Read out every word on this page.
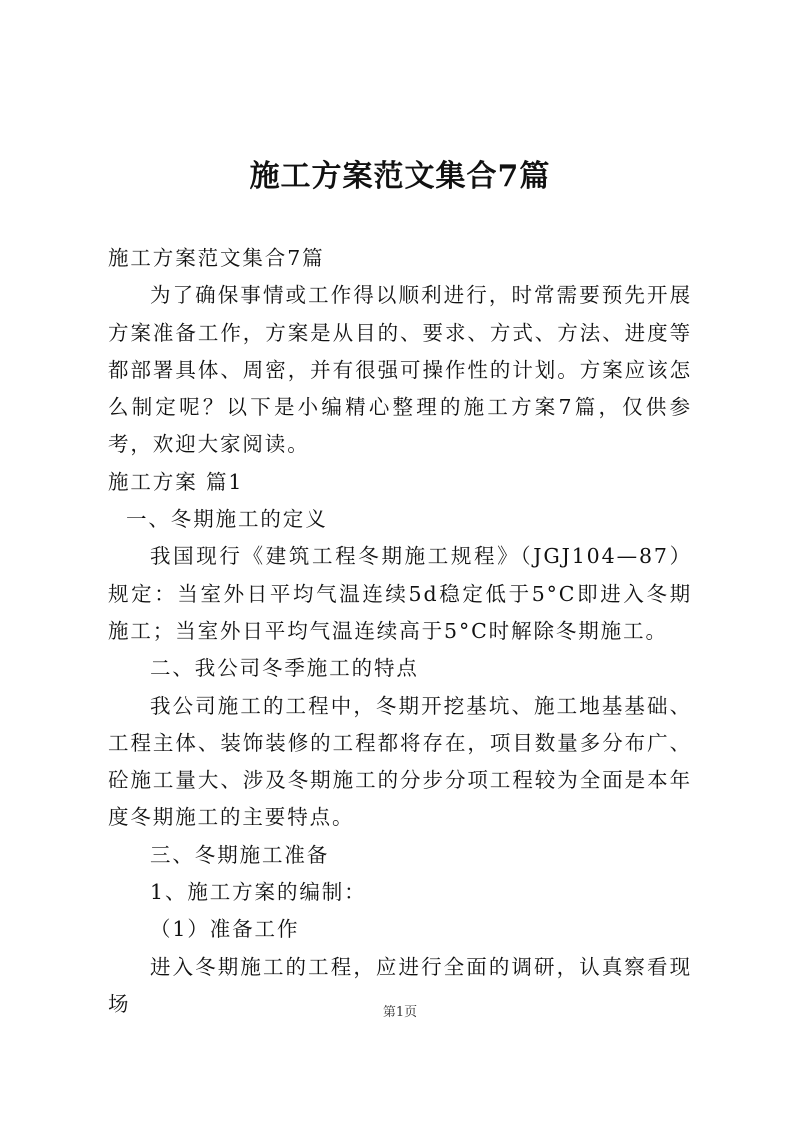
施工方案范文集合7篇

施工方案范文集合7篇

为了确保事情或工作得以顺利进行，时常需要预先开展方案准备工作，方案是从目的、要求、方式、方法、进度等都部署具体、周密，并有很强可操作性的计划。方案应该怎么制定呢？以下是小编精心整理的施工方案7篇，仅供参考，欢迎大家阅读。

施工方案 篇1

一、冬期施工的定义

我国现行《建筑工程冬期施工规程》（JGJ104—87）规定：当室外日平均气温连续5d稳定低于5°C即进入冬期施工；当室外日平均气温连续高于5°C时解除冬期施工。

二、我公司冬季施工的特点

我公司施工的工程中，冬期开挖基坑、施工地基基础、工程主体、装饰装修的工程都将存在，项目数量多分布广、砼施工量大、涉及冬期施工的分步分项工程较为全面是本年度冬期施工的主要特点。

三、冬期施工准备

1、施工方案的编制：

（1）准备工作

进入冬期施工的工程，应进行全面的调研，认真察看现场	第1页
